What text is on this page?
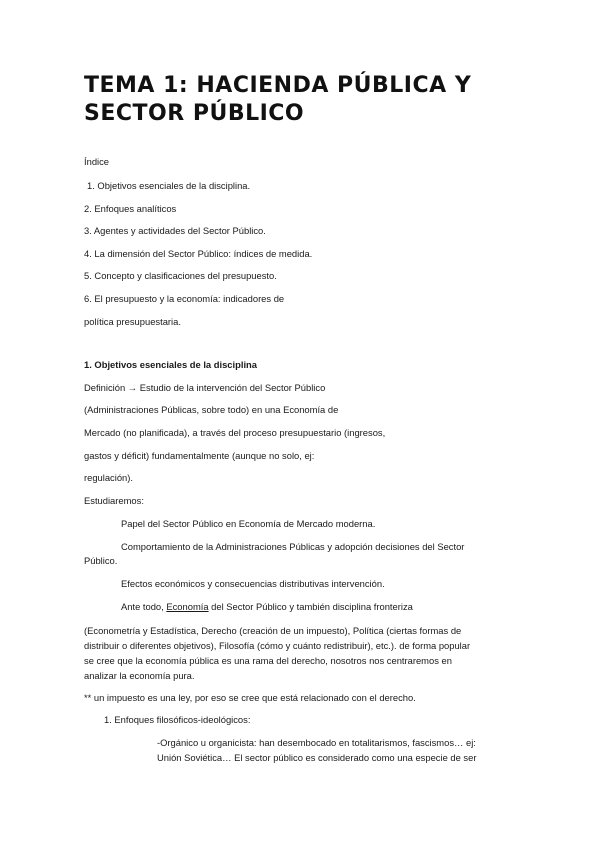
TEMA 1: HACIENDA PÚBLICA Y SECTOR PÚBLICO
Índice
1. Objetivos esenciales de la disciplina.
2. Enfoques analíticos
3. Agentes y actividades del Sector Público.
4. La dimensión del Sector Público: índices de medida.
5. Concepto y clasificaciones del presupuesto.
6. El presupuesto y la economía: indicadores de
política presupuestaria.
1. Objetivos esenciales de la disciplina
Definición → Estudio de la intervención del Sector Público
(Administraciones Públicas, sobre todo) en una Economía de
Mercado (no planificada), a través del proceso presupuestario (ingresos,
gastos y déficit) fundamentalmente (aunque no solo, ej:
regulación).
Estudiaremos:
Papel del Sector Público en Economía de Mercado moderna.
Comportamiento de la Administraciones Públicas y adopción decisiones del Sector
Público.
Efectos económicos y consecuencias distributivas intervención.
Ante todo, Economía del Sector Público y también disciplina fronteriza
(Econometría y Estadística, Derecho (creación de un impuesto), Política (ciertas formas de
distribuir o diferentes objetivos), Filosofía (cómo y cuánto redistribuir), etc.). de forma popular
se cree que la economía pública es una rama del derecho, nosotros nos centraremos en
analizar la economía pura.
** un impuesto es una ley, por eso se cree que está relacionado con el derecho.
1. Enfoques filosóficos-ideológicos:
-Orgánico u organicista: han desembocado en totalitarismos, fascismos… ej:
Unión Soviética… El sector público es considerado como una especie de ser
